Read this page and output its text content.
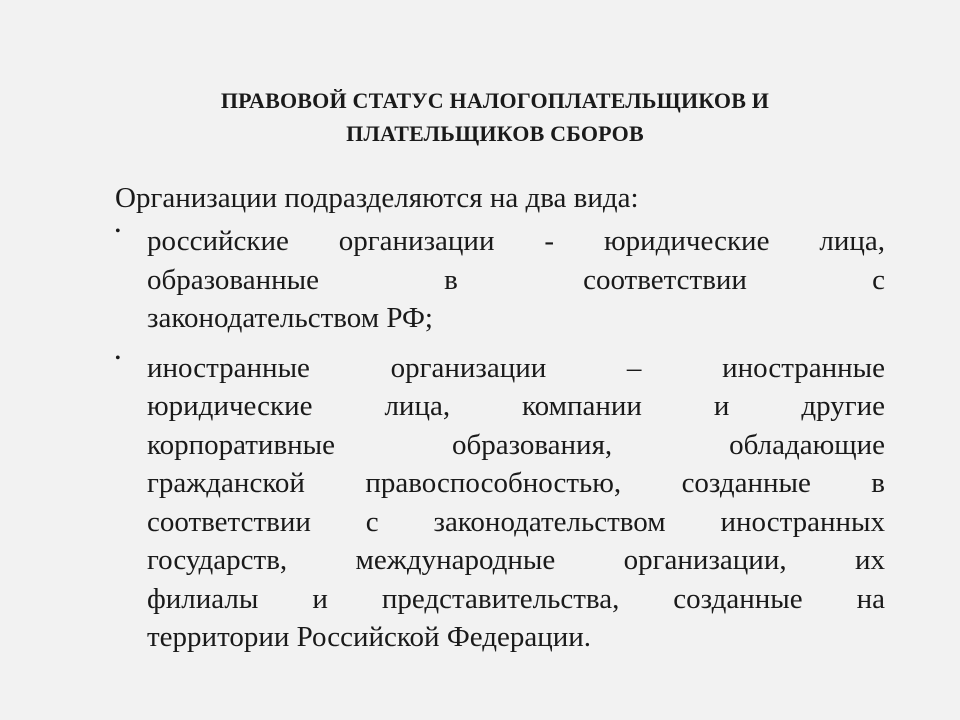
ПРАВОВОЙ СТАТУС НАЛОГОПЛАТЕЛЬЩИКОВ И
ПЛАТЕЛЬЩИКОВ СБОРОВ
Организации подразделяются на два вида:
• российские организации - юридические лица,
образованные в соответствии с
законодательством РФ;
• иностранные организации – иностранные
юридические лица, компании и другие
корпоративные образования, обладающие
гражданской правоспособностью, созданные в
соответствии с законодательством иностранных
государств, международные организации, их
филиалы и представительства, созданные на
территории Российской Федерации.
